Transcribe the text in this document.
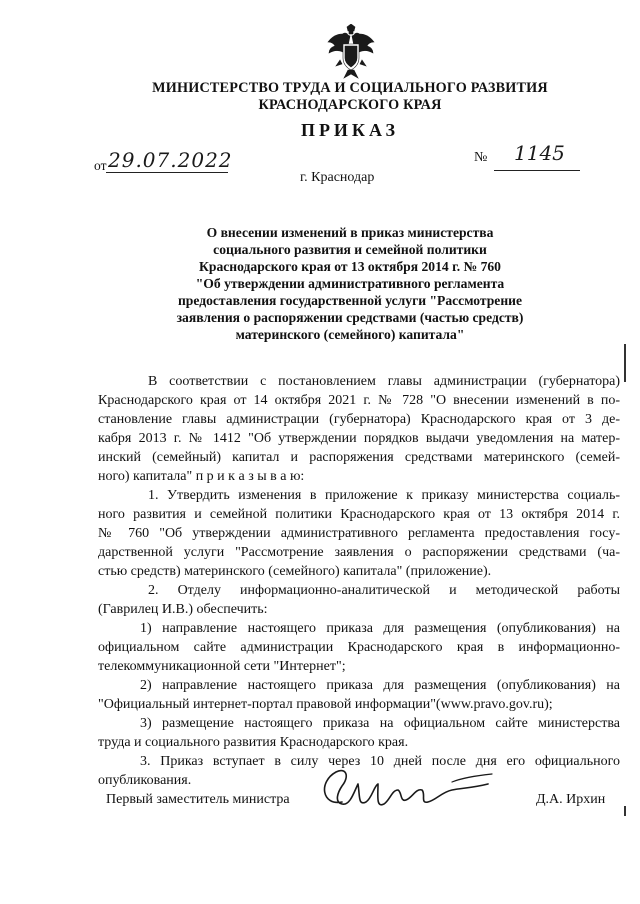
МИНИСТЕРСТВО ТРУДА И СОЦИАЛЬНОГО РАЗВИТИЯ
КРАСНОДАРСКОГО КРАЯ
ПРИКАЗ
от 29.07.2022	№ 1145
г. Краснодар
О внесении изменений в приказ министерства
социального развития и семейной политики
Краснодарского края от 13 октября 2014 г. № 760
"Об утверждении административного регламента
предоставления государственной услуги "Рассмотрение
заявления о распоряжении средствами (частью средств)
материнского (семейного) капитала"
В соответствии с постановлением главы администрации (губернатора)
Краснодарского края от 14 октября 2021 г. № 728 "О внесении изменений в по-
становление главы администрации (губернатора) Краснодарского края от 3 де-
кабря 2013 г. № 1412 "Об утверждении порядков выдачи уведомления на матер-
инский (семейный) капитал и распоряжения средствами материнского (семей-
ного) капитала" п р и к а з ы в а ю:
1. Утвердить изменения в приложение к приказу министерства социаль-
ного развития и семейной политики Краснодарского края от 13 октября 2014 г.
№ 760 "Об утверждении административного регламента предоставления госу-
дарственной услуги "Рассмотрение заявления о распоряжении средствами (ча-
стью средств) материнского (семейного) капитала" (приложение).
2. Отделу информационно-аналитической и методической работы
(Гаврилец И.В.) обеспечить:
1) направление настоящего приказа для размещения (опубликования) на
официальном сайте администрации Краснодарского края в информационно-
телекоммуникационной сети "Интернет";
2) направление настоящего приказа для размещения (опубликования) на
"Официальный интернет-портал правовой информации"(www.pravo.gov.ru);
3) размещение настоящего приказа на официальном сайте министерства
труда и социального развития Краснодарского края.
3. Приказ вступает в силу через 10 дней после дня его официального
опубликования.
Первый заместитель министра	Д.А. Ирхин
